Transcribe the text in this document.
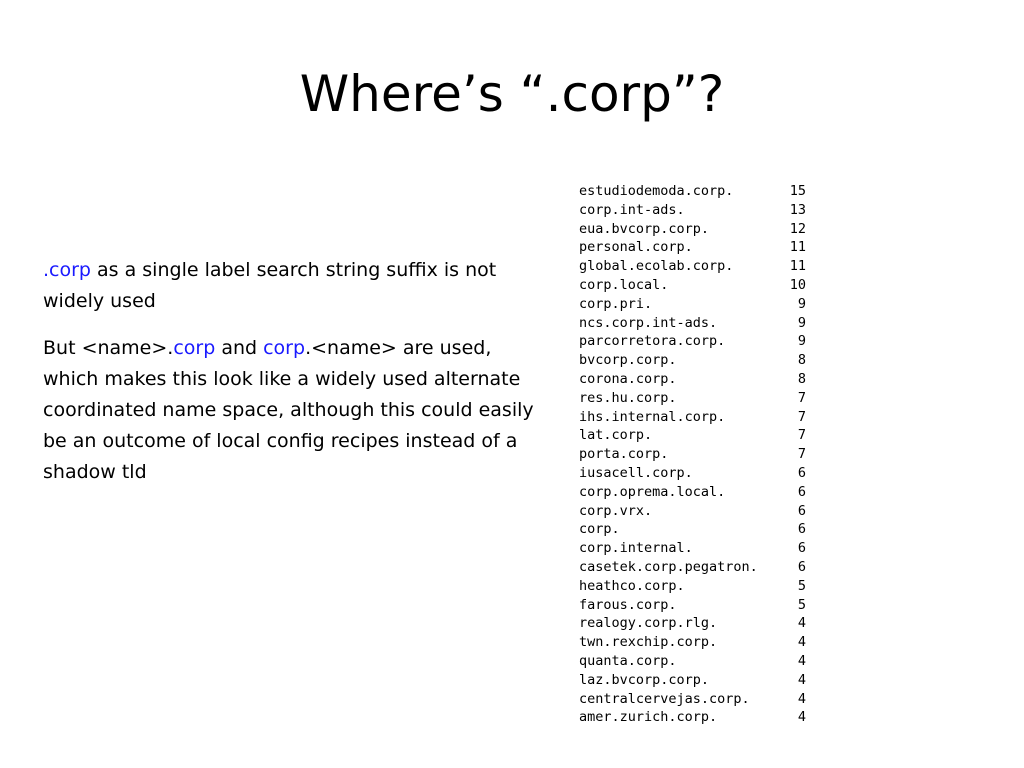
Where’s “.corp”?

.corp as a single label search string suffix is not widely used

But <name>.corp and corp.<name> are used, which makes this look like a widely used alternate coordinated name space, although this could easily be an outcome of local config recipes instead of a shadow tld

estudiodemoda.corp.	15
corp.int-ads.	13
eua.bvcorp.corp.	12
personal.corp.	11
global.ecolab.corp.	11
corp.local.	10
corp.pri.	9
ncs.corp.int-ads.	9
parcorretora.corp.	9
bvcorp.corp.	8
corona.corp.	8
res.hu.corp.	7
ihs.internal.corp.	7
lat.corp.	7
porta.corp.	7
iusacell.corp.	6
corp.oprema.local.	6
corp.vrx.	6
corp.	6
corp.internal.	6
casetek.corp.pegatron.	6
heathco.corp.	5
farous.corp.	5
realogy.corp.rlg.	4
twn.rexchip.corp.	4
quanta.corp.	4
laz.bvcorp.corp.	4
centralcervejas.corp.	4
amer.zurich.corp.	4
